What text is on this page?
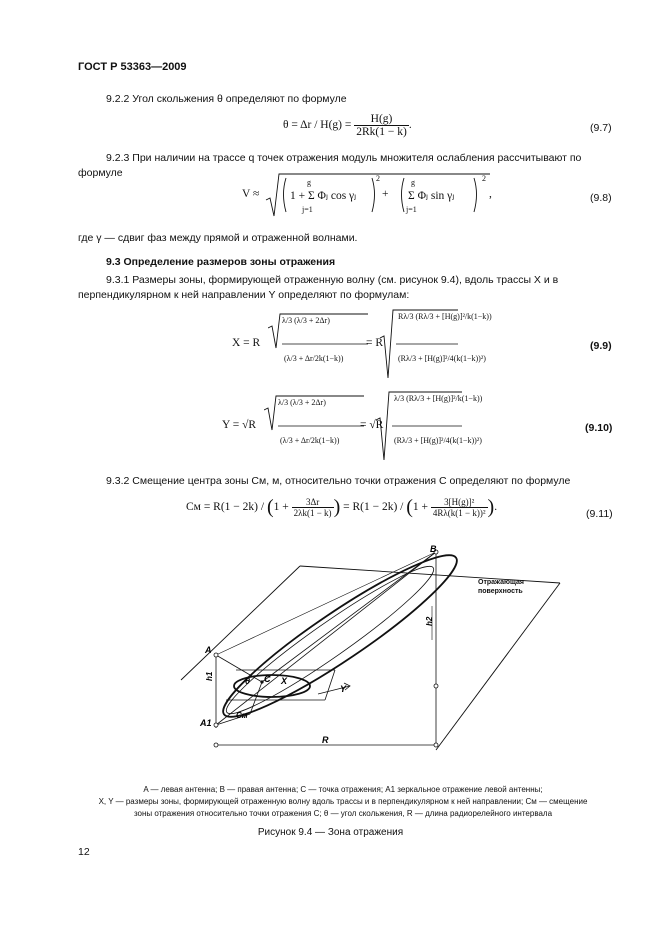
ГОСТ Р 53363—2009
9.2.2 Угол скольжения θ определяют по формуле
$\theta = \Delta r / H(g) = \frac{H(g)}{2Rk(1 - k)}$ .	(9.7)
9.2.3 При наличии на трассе q точек отражения модуль множителя ослабления рассчитывают по формуле
V ≈	1 + Σ Φⱼ cos γⱼ
g
j=1
2
+ Σ Φⱼ sin γⱼ
g
j=1
2
,	(9.8)
где γ — сдвиг фаз между прямой и отраженной волнами.
9.3 Определение размеров зоны отражения
9.3.1 Размеры зоны, формирующей отраженную волну (см. рисунок 9.4), вдоль трассы X и в перпендикулярном к ней направлении Y определяют по формулам:
X = R
λ/3 (λ/3 + 2Δr)
(λ/3 + Δr/2k(1−k))
= R
Rλ/3 (Rλ/3 + [H(g)]²/k(1−k))
(Rλ/3 + [H(g)]²/4(k(1−k))²)
(9.9)
Y = √R
λ/3 (λ/3 + 2Δr)
(λ/3 + Δr/2k(1−k))
= √R
λ/3 (Rλ/3 + [H(g)]²/k(1−k))
(Rλ/3 + [H(g)]²/4(k(1−k))²)
(9.10)
9.3.2 Смещение центра зоны Cм, м, относительно точки отражения C определяют по формуле
Cм = $R(1 - 2k) / (1 + \frac{3\Delta r}{2\lambda k(1 - k)}$ ) = $R(1 - 2k) / (1 + \frac{\text{3[H(g)]²}}{\text{4Rλ(k(1 − k))²}}$ ).
(9.11)
B
A
A1
C
Cм
X
Y
θ
h1
h2
R
Отражающая поверхность
A — левая антенна; B — правая антенна; C — точка отражения; A1 зеркальное отражение левой антенны;
X, Y — размеры зоны, формирующей отраженную волну вдоль трассы и в перпендикулярном к ней направлении; Cм — смещение
зоны отражения относительно точки отражения C; θ — угол скольжения, R — длина радиорелейного интервала
Рисунок 9.4 — Зона отражения
12
